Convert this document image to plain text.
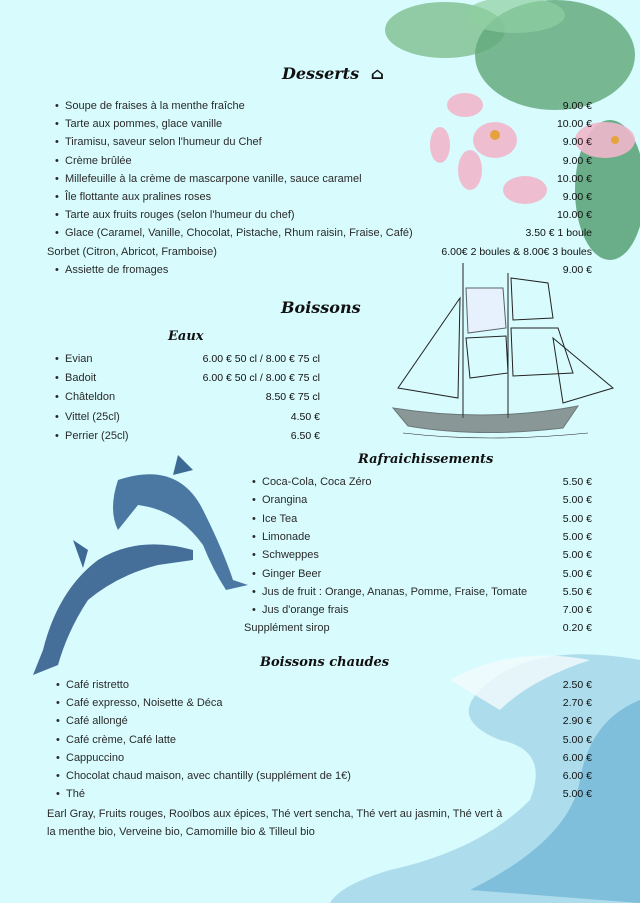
Desserts ⌂
• Soupe de fraises à la menthe fraîche	9.00 €
• Tarte aux pommes, glace vanille	10.00 €
• Tiramisu, saveur selon l'humeur du Chef	9.00 €
• Crème brûlée	9.00 €
• Millefeuille à la crème de mascarpone vanille, sauce caramel	10.00 €
• Île flottante aux pralines roses	9.00 €
• Tarte aux fruits rouges (selon l'humeur du chef)	10.00 €
• Glace (Caramel, Vanille, Chocolat, Pistache, Rhum raisin, Fraise, Café)	3.50 € 1 boule
Sorbet (Citron, Abricot, Framboise)	6.00€ 2 boules & 8.00€ 3 boules
• Assiette de fromages	9.00 €
Boissons
Eaux
• Evian	6.00 € 50 cl / 8.00 € 75 cl
• Badoit	6.00 € 50 cl / 8.00 € 75 cl
• Châteldon	8.50 € 75 cl
• Vittel (25cl)	4.50 €
• Perrier (25cl)	6.50 €
Rafraichissements
• Coca-Cola, Coca Zéro	5.50 €
• Orangina	5.00 €
• Ice Tea	5.00 €
• Limonade	5.00 €
• Schweppes	5.00 €
• Ginger Beer	5.00 €
• Jus de fruit : Orange, Ananas, Pomme, Fraise, Tomate	5.50 €
• Jus d'orange frais	7.00 €
Supplément sirop	0.20 €
Boissons chaudes
• Café ristretto	2.50 €
• Café expresso, Noisette & Déca	2.70 €
• Café allongé	2.90 €
• Café crème, Café latte	5.00 €
• Cappuccino	6.00 €
• Chocolat chaud maison, avec chantilly (supplément de 1€)	6.00 €
• Thé	5.00 €
Earl Gray, Fruits rouges, Rooïbos aux épices, Thé vert sencha, Thé vert au jasmin, Thé vert à
la menthe bio, Verveine bio, Camomille bio & Tilleul bio
